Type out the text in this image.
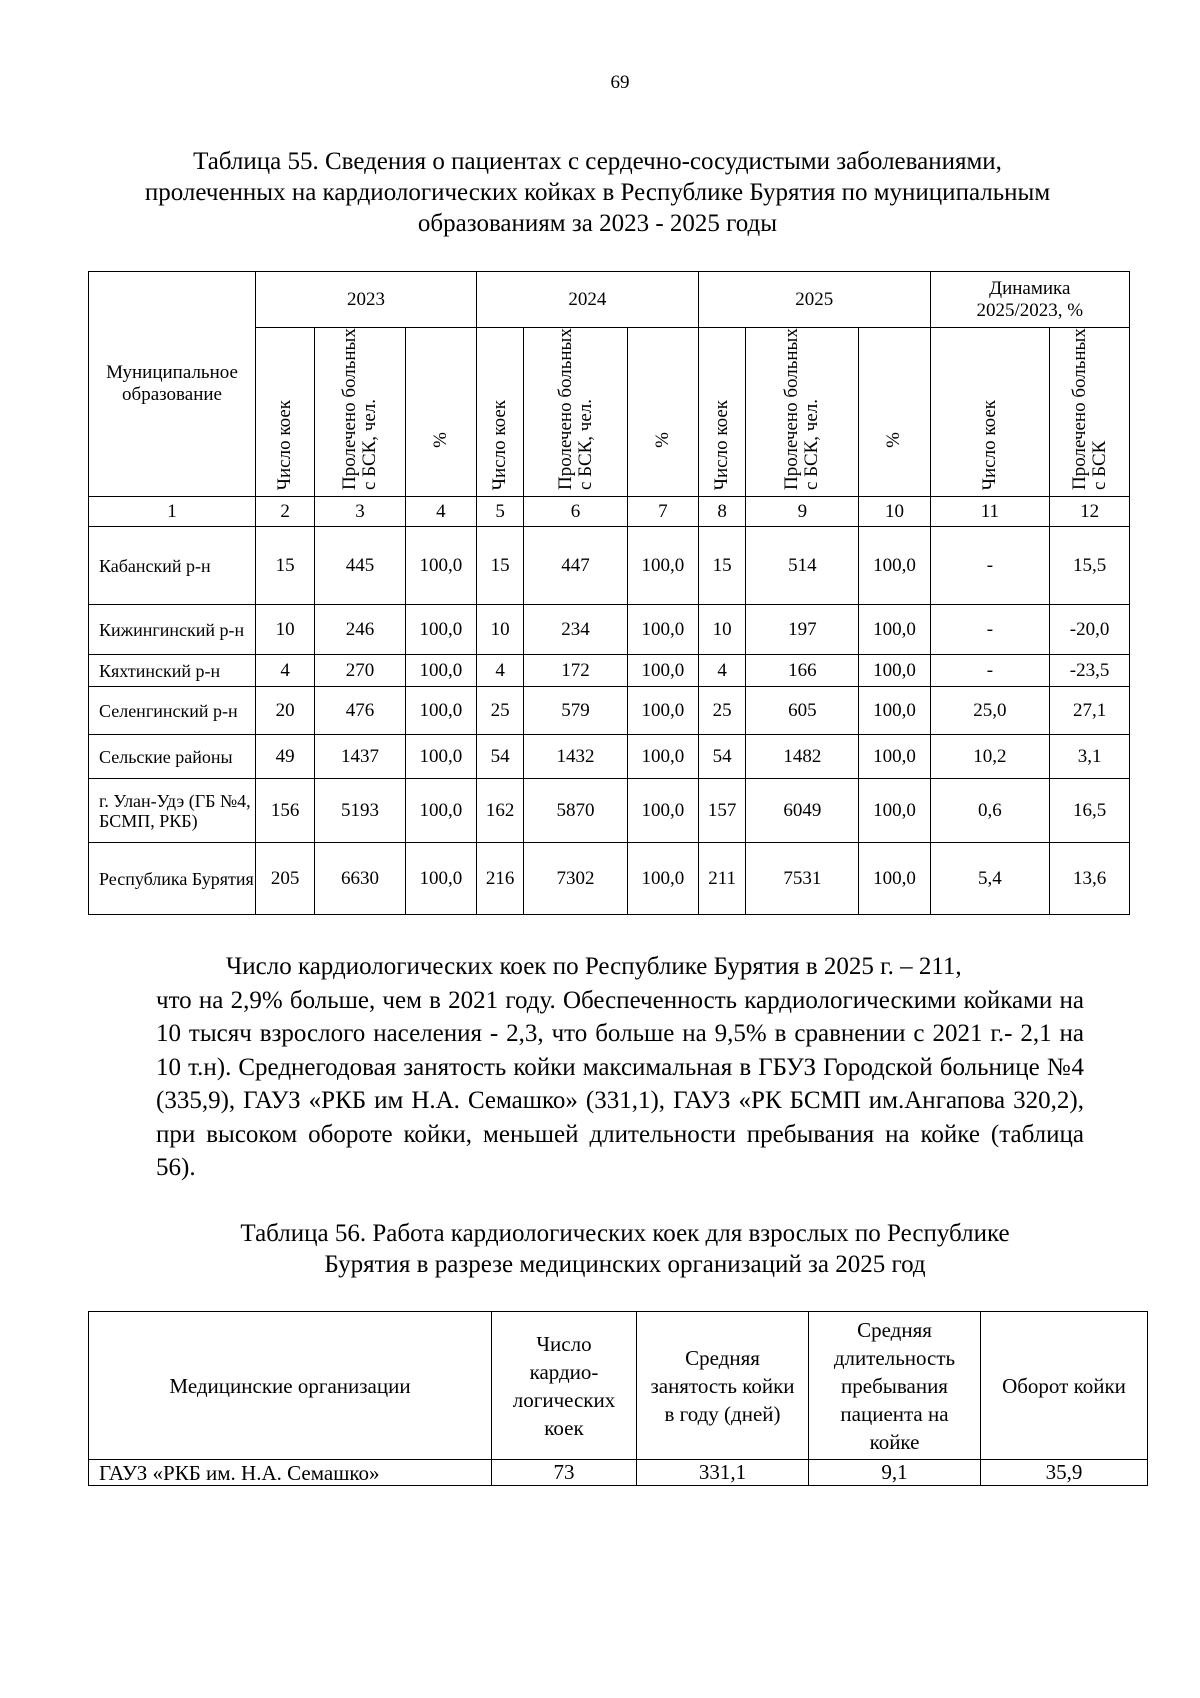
69
Таблица 55. Сведения о пациентах с сердечно-сосудистыми заболеваниями, пролеченных на кардиологических койках в Республике Бурятия по муниципальным образованиям за 2023 - 2025 годы
Муниципальное образование	2023			2024			2025			Динамика 2025/2023, %	

	Число коек	Пролечено больных с БСК, чел.	%	Число коек	Пролечено больных с БСК, чел.	%	Число коек	Пролечено больных с БСК, чел.	%	Число коек	Пролечено больных с БСК

1	2	3	4	5	6	7	8	9	10	11	12
Кабанский р-н	15	445	100,0	15	447	100,0	15	514	100,0	-	15,5
Кижингинский р-н	10	246	100,0	10	234	100,0	10	197	100,0	-	-20,0
Кяхтинский р-н	4	270	100,0	4	172	100,0	4	166	100,0	-	-23,5
Селенгинский р-н	20	476	100,0	25	579	100,0	25	605	100,0	25,0	27,1
Сельские районы	49	1437	100,0	54	1432	100,0	54	1482	100,0	10,2	3,1
г. Улан-Удэ (ГБ №4, БСМП, РКБ)	156	5193	100,0	162	5870	100,0	157	6049	100,0	0,6	16,5
Республика Бурятия	205	6630	100,0	216	7302	100,0	211	7531	100,0	5,4	13,6
Число кардиологических коек по Республике Бурятия в 2025 г. – 211,
что на 2,9% больше, чем в 2021 году. Обеспеченность кардиологическими койками на 10 тысяч взрослого населения - 2,3, что больше на 9,5% в сравнении с 2021 г.- 2,1 на 10 т.н). Среднегодовая занятость койки максимальная в ГБУЗ Городской больнице №4 (335,9), ГАУЗ «РКБ им Н.А. Семашко» (331,1), ГАУЗ «РК БСМП им.Ангапова 320,2), при высоком обороте койки, меньшей длительности пребывания на койке (таблица 56).
Таблица 56. Работа кардиологических коек для взрослых по Республике Бурятия в разрезе медицинских организаций за 2025 год
Медицинские организации	Число кардио-логических коек	Средняя занятость койки в году (дней)	Средняя длительность пребывания пациента на койке	Оборот койки
ГАУЗ «РКБ им. Н.А. Семашко»	73	331,1	9,1	35,9
